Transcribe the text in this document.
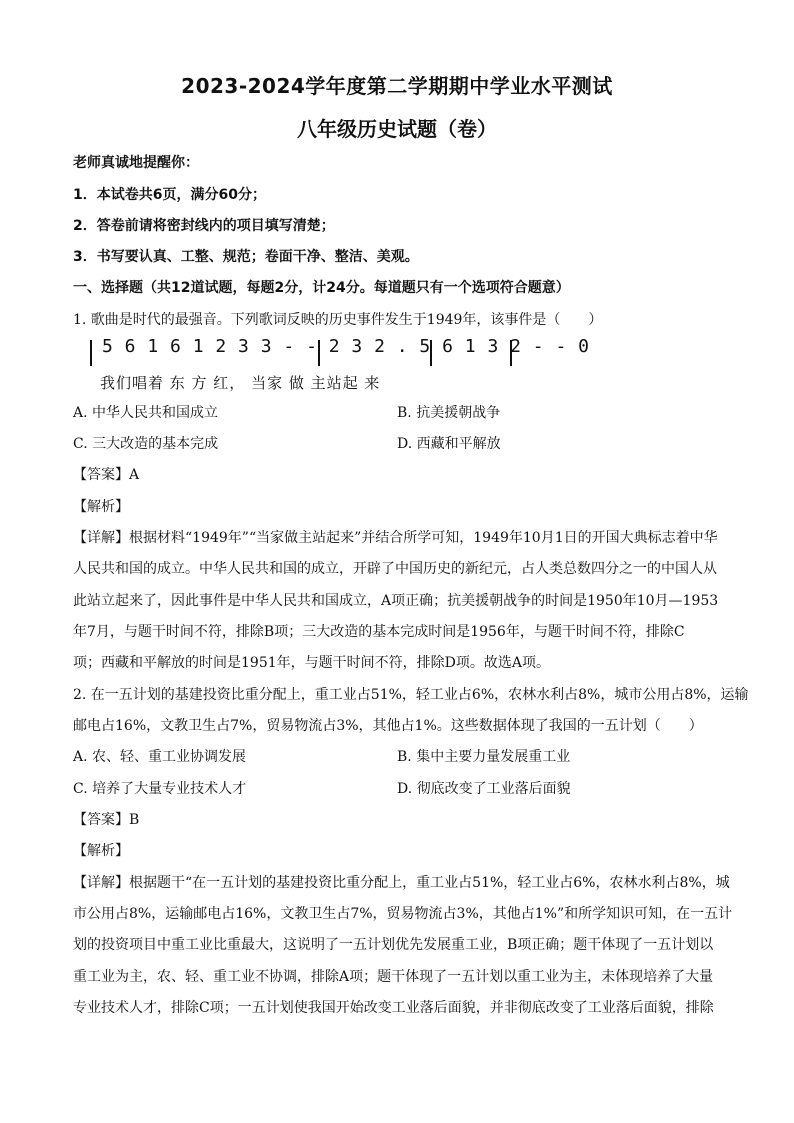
2023-2024学年度第二学期期中学业水平测试
八年级历史试题（卷）
老师真诚地提醒你：
1．本试卷共6页，满分60分；
2．答卷前请将密封线内的项目填写清楚；
3．书写要认真、工整、规范；卷面干净、整洁、美观。
一、选择题（共12道试题，每题2分，计24分。每道题只有一个选项符合题意）
1. 歌曲是时代的最强音。下列歌词反映的历史事件发生于1949年，该事件是（　　）
5 6 1 6 1 2 3 3 - - 2 3 2 . 5 6 1 3 2 - - 0
我们唱着 东 方 红， 当家 做 主站起 来
A. 中华人民共和国成立	B. 抗美援朝战争
C. 三大改造的基本完成	D. 西藏和平解放
【答案】A
【解析】
【详解】根据材料“1949年”“当家做主站起来”并结合所学可知，1949年10月1日的开国大典标志着中华
人民共和国的成立。中华人民共和国的成立，开辟了中国历史的新纪元，占人类总数四分之一的中国人从
此站立起来了，因此事件是中华人民共和国成立，A项正确；抗美援朝战争的时间是1950年10月—1953
年7月，与题干时间不符，排除B项；三大改造的基本完成时间是1956年，与题干时间不符，排除C
项；西藏和平解放的时间是1951年，与题干时间不符，排除D项。故选A项。
2. 在一五计划的基建投资比重分配上，重工业占51%，轻工业占6%，农林水利占8%，城市公用占8%，运输
邮电占16%，文教卫生占7%，贸易物流占3%，其他占1%。这些数据体现了我国的一五计划（　　）
A. 农、轻、重工业协调发展	B. 集中主要力量发展重工业
C. 培养了大量专业技术人才	D. 彻底改变了工业落后面貌
【答案】B
【解析】
【详解】根据题干“在一五计划的基建投资比重分配上，重工业占51%，轻工业占6%，农林水利占8%，城
市公用占8%，运输邮电占16%，文教卫生占7%，贸易物流占3%，其他占1%”和所学知识可知，在一五计
划的投资项目中重工业比重最大，这说明了一五计划优先发展重工业，B项正确；题干体现了一五计划以
重工业为主，农、轻、重工业不协调，排除A项；题干体现了一五计划以重工业为主，未体现培养了大量
专业技术人才，排除C项；一五计划使我国开始改变工业落后面貌，并非彻底改变了工业落后面貌，排除
